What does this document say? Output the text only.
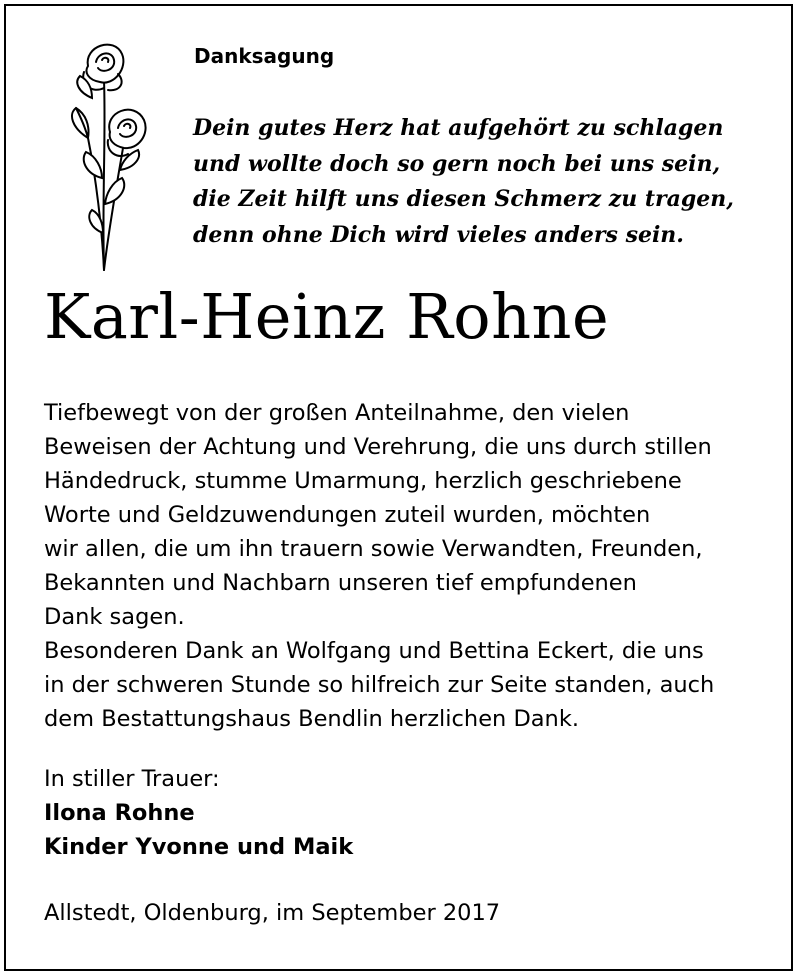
Danksagung
Dein gutes Herz hat aufgehört zu schlagen
und wollte doch so gern noch bei uns sein,
die Zeit hilft uns diesen Schmerz zu tragen,
denn ohne Dich wird vieles anders sein.
Karl-Heinz Rohne
Tiefbewegt von der großen Anteilnahme, den vielen
Beweisen der Achtung und Verehrung, die uns durch stillen
Händedruck, stumme Umarmung, herzlich geschriebene
Worte und Geldzuwendungen zuteil wurden, möchten
wir allen, die um ihn trauern sowie Verwandten, Freunden,
Bekannten und Nachbarn unseren tief empfundenen
Dank sagen.
Besonderen Dank an Wolfgang und Bettina Eckert, die uns
in der schweren Stunde so hilfreich zur Seite standen, auch
dem Bestattungshaus Bendlin herzlichen Dank.
In stiller Trauer:
Ilona Rohne
Kinder Yvonne und Maik
Allstedt, Oldenburg, im September 2017
